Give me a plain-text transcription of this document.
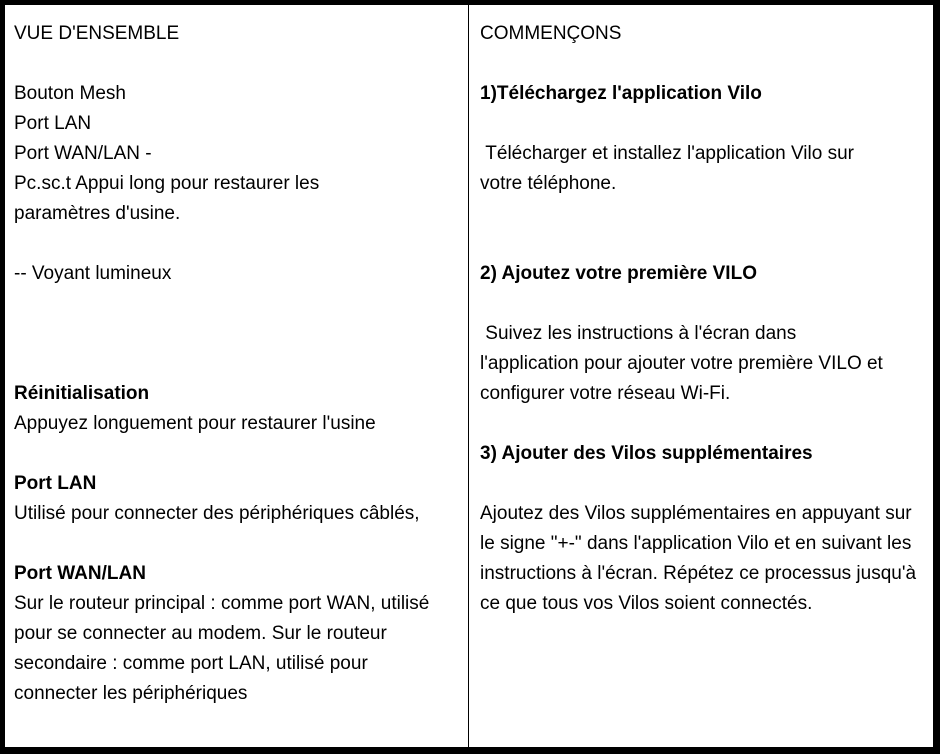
VUE D'ENSEMBLE
Bouton Mesh
Port LAN
Port WAN/LAN -
Pc.sc.t Appui long pour restaurer les paramètres d'usine.
-- Voyant lumineux
Réinitialisation
Appuyez longuement pour restaurer l'usine
Port LAN
Utilisé pour connecter des périphériques câblés,
Port WAN/LAN
Sur le routeur principal : comme port WAN, utilisé pour se connecter au modem. Sur le routeur secondaire : comme port LAN, utilisé pour connecter les périphériques
COMMENÇONS
1)Téléchargez l'application Vilo
Télécharger et installez l'application Vilo sur votre téléphone.
2) Ajoutez votre première VILO
Suivez les instructions à l'écran dans l'application pour ajouter votre première VILO et configurer votre réseau Wi-Fi.
3) Ajouter des Vilos supplémentaires
Ajoutez des Vilos supplémentaires en appuyant sur le signe "+-" dans l'application Vilo et en suivant les instructions à l'écran. Répétez ce processus jusqu'à ce que tous vos Vilos soient connectés.
